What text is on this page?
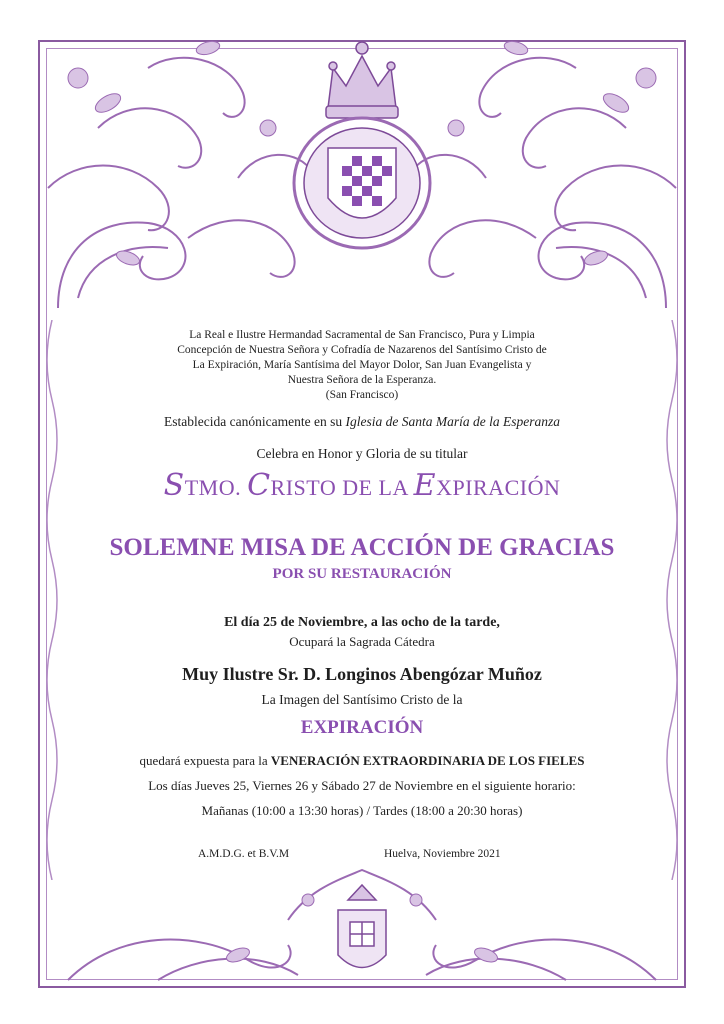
La Real e Ilustre Hermandad Sacramental de San Francisco, Pura y Limpia
Concepción de Nuestra Señora y Cofradía de Nazarenos del Santísimo Cristo de
La Expiración, María Santísima del Mayor Dolor, San Juan Evangelista y
Nuestra Señora de la Esperanza.
(San Francisco)
Establecida canónicamente en su Iglesia de Santa María de la Esperanza
Celebra en Honor y Gloria de su titular
STMO. CRISTO DE LA EXPIRACIÓN
SOLEMNE MISA DE ACCIÓN DE GRACIAS
POR SU RESTAURACIÓN
El día 25 de Noviembre, a las ocho de la tarde,
Ocupará la Sagrada Cátedra
Muy Ilustre Sr. D. Longinos Abengózar Muñoz
La Imagen del Santísimo Cristo de la
EXPIRACIÓN
quedará expuesta para la VENERACIÓN EXTRAORDINARIA DE LOS FIELES
Los días Jueves 25, Viernes 26 y Sábado 27 de Noviembre en el siguiente horario:
Mañanas (10:00 a 13:30 horas) / Tardes (18:00 a 20:30 horas)
A.M.D.G. et B.V.M	Huelva, Noviembre 2021
